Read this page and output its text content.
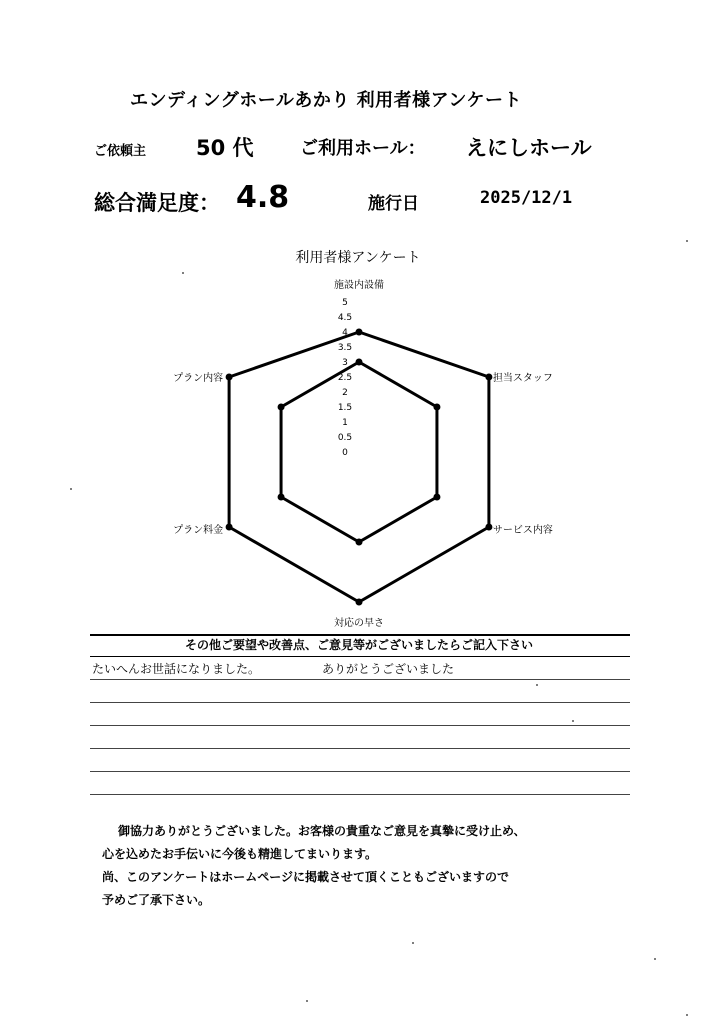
エンディングホールあかり 利用者様アンケート
ご依頼主 50 代	ご利用ホール： えにしホール
総合満足度： 4.8	施行日	2025/12/1
利用者様アンケート
5
4.5
4
3.5
3
2.5
2
1.5
1
0.5
0
施設内設備
担当スタッフ
サービス内容
対応の早さ
プラン料金
プラン内容
その他ご要望や改善点、ご意見等がございましたらご記入下さい
たいへんお世話になりました。	ありがとうございました
御協力ありがとうございました。お客様の貴重なご意見を真摯に受け止め、
心を込めたお手伝いに今後も精進してまいります。
尚、このアンケートはホームページに掲載させて頂くこともございますので
予めご了承下さい。
